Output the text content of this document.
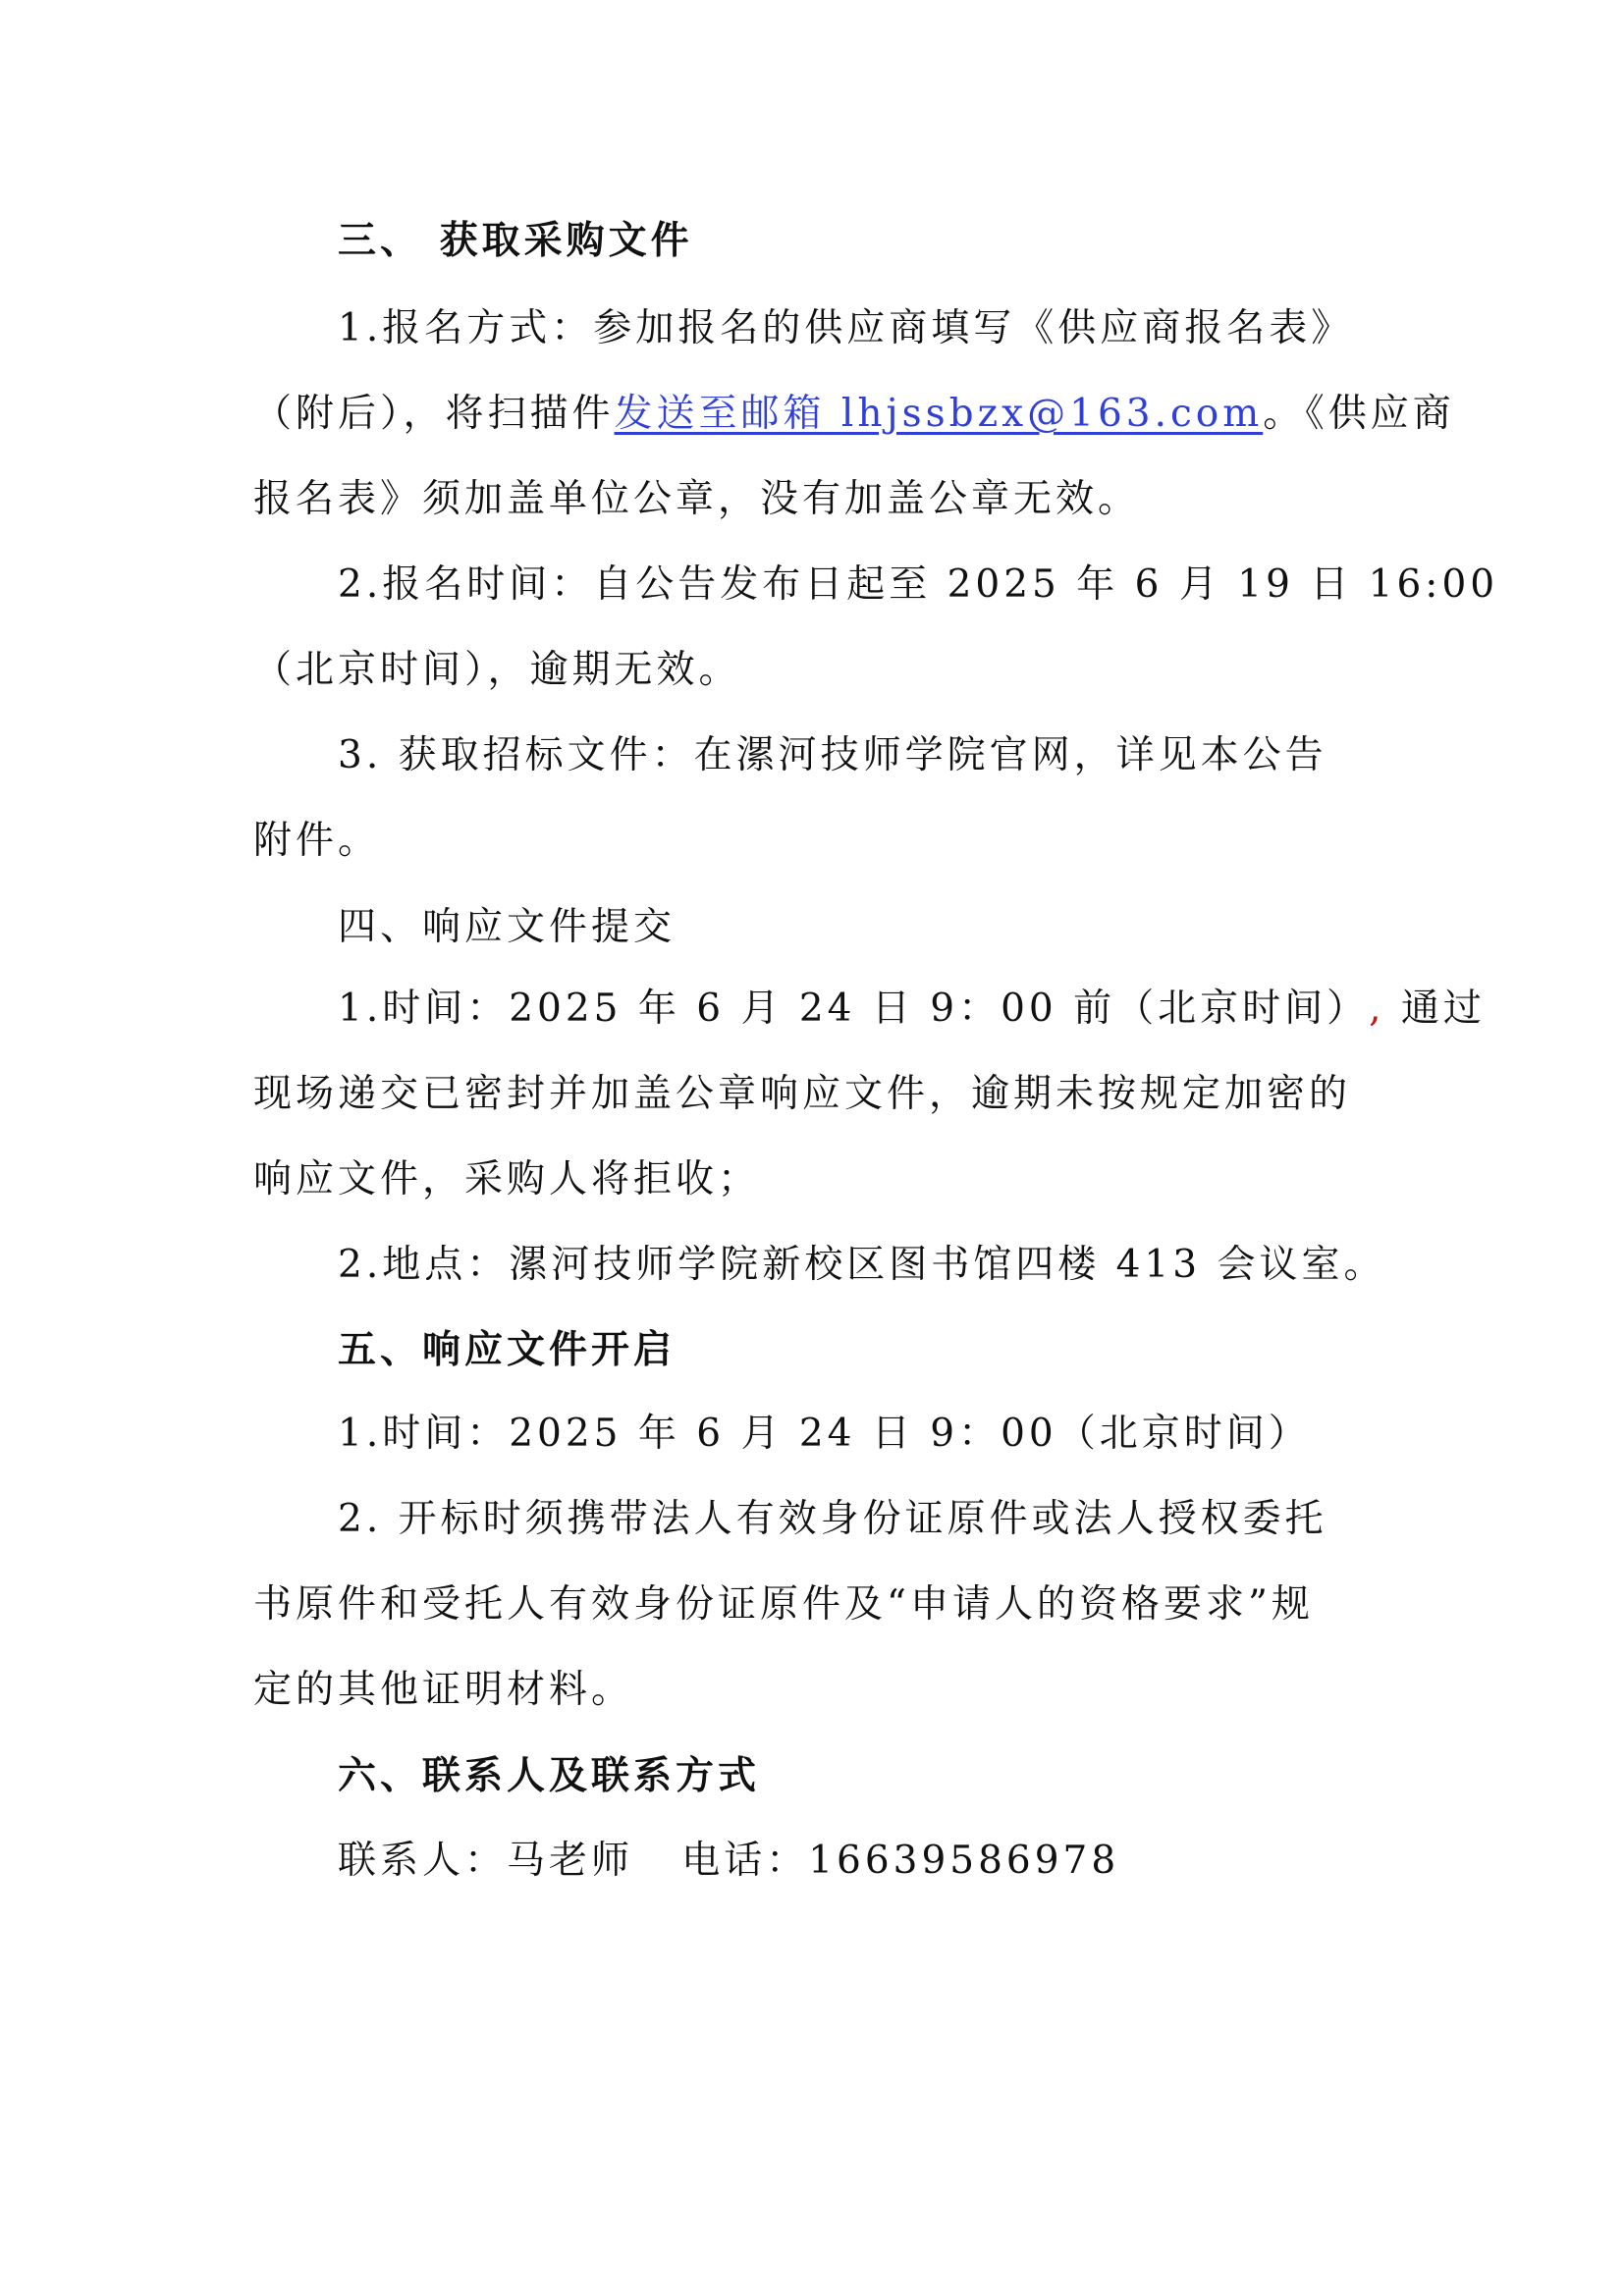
三、 获取采购文件
1.报名方式：参加报名的供应商填写《供应商报名表》
（附后），将扫描件发送至邮箱 lhjssbzx@163.com。《供应商
报名表》须加盖单位公章，没有加盖公章无效。
2.报名时间：自公告发布日起至 2025 年 6 月 19 日 16:00
（北京时间），逾期无效。
3. 获取招标文件：在漯河技师学院官网，详见本公告
附件。
四、响应文件提交
1.时间：2025 年 6 月 24 日 9：00 前（北京时间）, 通过
现场递交已密封并加盖公章响应文件，逾期未按规定加密的
响应文件，采购人将拒收；
2.地点：漯河技师学院新校区图书馆四楼 413 会议室。
五、响应文件开启
1.时间：2025 年 6 月 24 日 9：00（北京时间）
2. 开标时须携带法人有效身份证原件或法人授权委托
书原件和受托人有效身份证原件及“申请人的资格要求”规
定的其他证明材料。
六、联系人及联系方式
联系人：马老师   电话：16639586978
